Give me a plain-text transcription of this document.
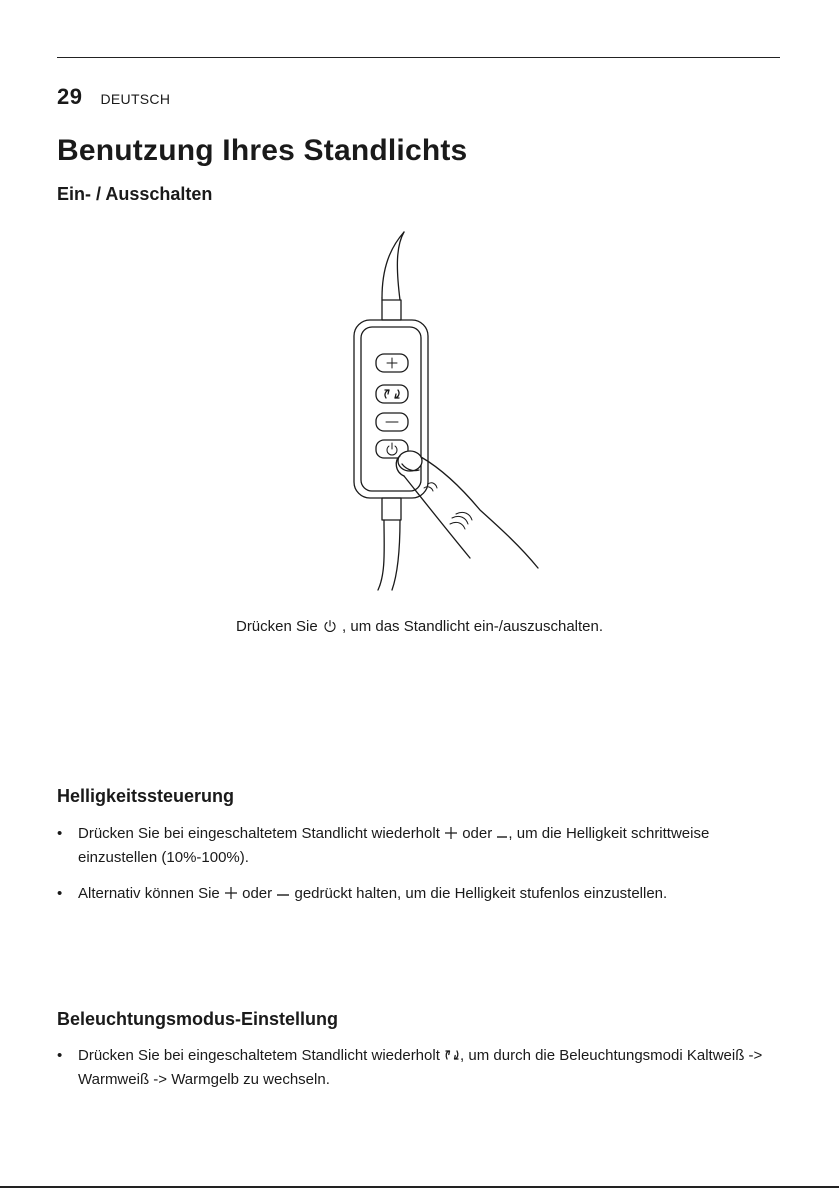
29 DEUTSCH
Benutzung Ihres Standlichts
Ein- / Ausschalten
Drücken Sie , um das Standlicht ein-/auszuschalten.
Helligkeitssteuerung
• Drücken Sie bei eingeschaltetem Standlicht wiederholt oder , um die Helligkeit schrittweise einzustellen (10%-100%).
• Alternativ können Sie oder gedrückt halten, um die Helligkeit stufenlos einzustellen.
Beleuchtungsmodus-Einstellung
• Drücken Sie bei eingeschaltetem Standlicht wiederholt , um durch die Beleuchtungsmodi Kaltweiß -> Warmweiß -> Warmgelb zu wechseln.
